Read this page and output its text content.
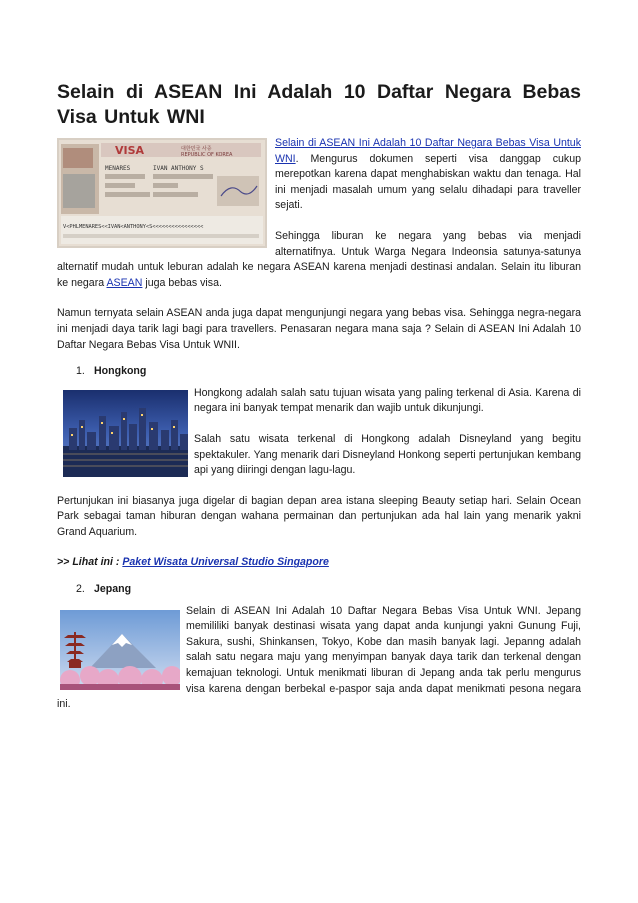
Selain di ASEAN Ini Adalah 10 Daftar Negara Bebas Visa Untuk WNI
VISA	대한민국 사증
REPUBLIC OF KOREA
MENARES	IVAN ANTHONY S
V<PHLMENARES<<IVAN<ANTHONY<S<<<<<<<<<<<<<<<<

Selain di ASEAN Ini Adalah 10 Daftar Negara Bebas Visa Untuk WNI. Mengurus dokumen seperti visa danggap cukup merepotkan karena dapat menghabiskan waktu dan tenaga. Hal ini menjadi masalah umum yang selalu dihadapi para traveller sejati.

Sehingga liburan ke negara yang bebas via menjadi alternatifnya. Untuk Warga Negara Indeonsia satunya-satunya alternatif mudah untuk leburan adalah ke negara ASEAN karena menjadi destinasi andalan. Selain itu liburan ke negara ASEAN juga bebas visa.

Namun ternyata selain ASEAN anda juga dapat mengunjungi negara yang bebas visa. Sehingga negra-negara ini menjadi daya tarik lagi bagi para travellers. Penasaran negara mana saja ? Selain di ASEAN Ini Adalah 10 Daftar Negara Bebas Visa Untuk WNII.

1. Hongkong

Hongkong adalah salah satu tujuan wisata yang paling terkenal di Asia. Karena di negara ini banyak tempat menarik dan wajib untuk dikunjungi.

Salah satu wisata terkenal di Hongkong adalah Disneyland yang begitu spektakuler. Yang menarik dari Disneyland Honkong seperti pertunjukan kembang api yang diiringi dengan lagu-lagu.

Pertunjukan ini biasanya juga digelar di bagian depan area istana sleeping Beauty setiap hari. Selain Ocean Park sebagai taman hiburan dengan wahana permainan dan pertunjukan ada hal lain yang menarik yakni Grand Aquarium.

>> Lihat ini : Paket Wisata Universal Studio Singapore

2. Jepang

Selain di ASEAN Ini Adalah 10 Daftar Negara Bebas Visa Untuk WNI. Jepang memililiki banyak destinasi wisata yang dapat anda kunjungi yakni Gunung Fuji, Sakura, sushi, Shinkansen, Tokyo, Kobe dan masih banyak lagi. Jepanng adalah salah satu negara maju yang menyimpan banyak daya tarik dan terkenal dengan kemajuan teknologi. Untuk menikmati liburan di Jepang anda tak perlu mengurus visa karena dengan berbekal e-paspor saja anda dapat menikmati pesona negara ini.
